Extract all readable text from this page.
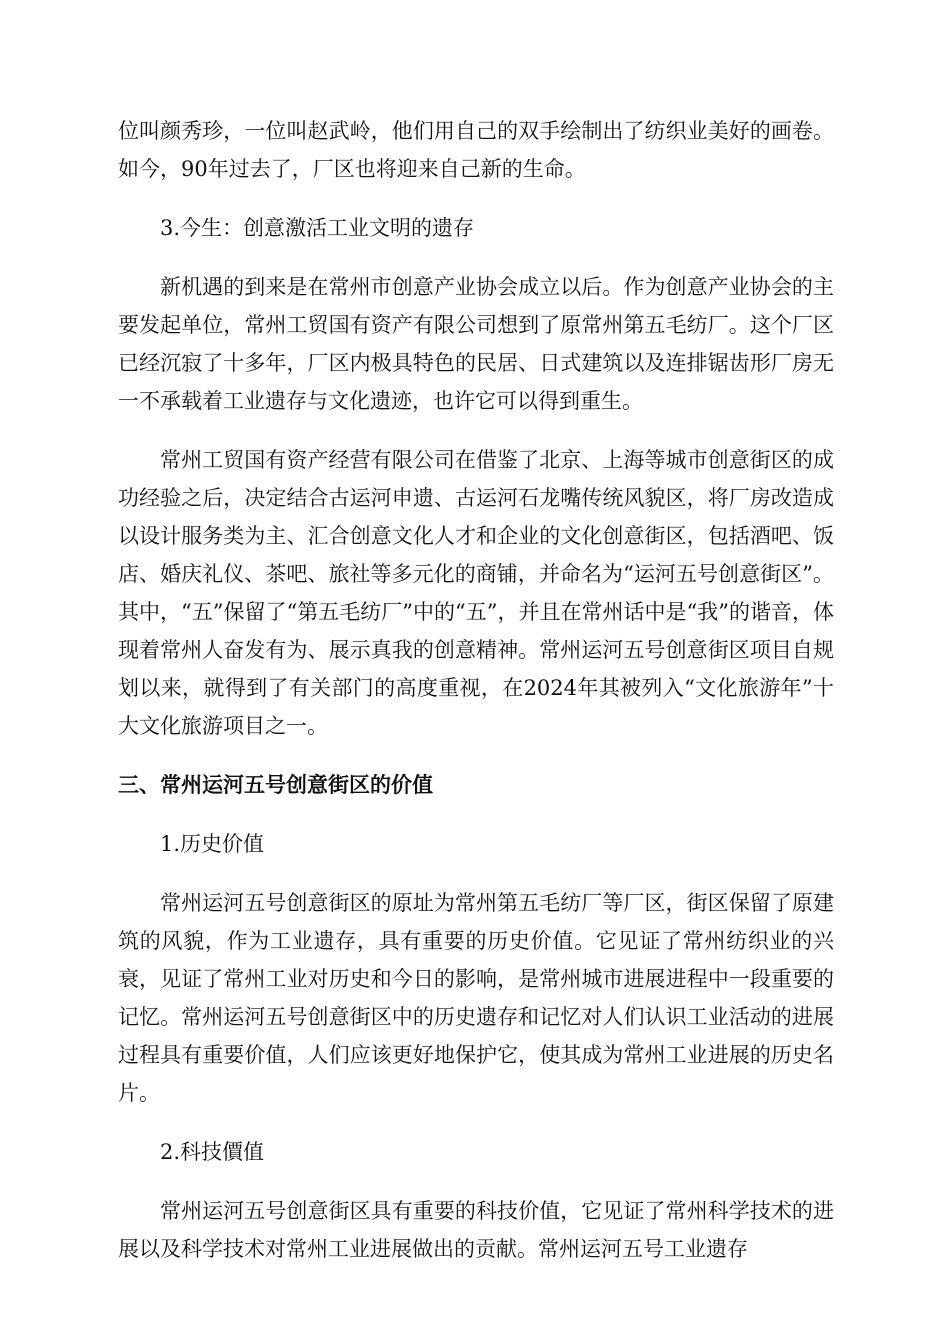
位叫颜秀珍，一位叫赵武岭，他们用自己的双手绘制出了纺织业美好的画卷。如今，90年过去了，厂区也将迎来自己新的生命。

3.今生：创意激活工业文明的遗存

新机遇的到来是在常州市创意产业协会成立以后。作为创意产业协会的主要发起单位，常州工贸国有资产有限公司想到了原常州第五毛纺厂。这个厂区已经沉寂了十多年，厂区内极具特色的民居、日式建筑以及连排锯齿形厂房无一不承载着工业遗存与文化遗迹，也许它可以得到重生。

常州工贸国有资产经营有限公司在借鉴了北京、上海等城市创意街区的成功经验之后，决定结合古运河申遗、古运河石龙嘴传统风貌区，将厂房改造成以设计服务类为主、汇合创意文化人才和企业的文化创意街区，包括酒吧、饭店、婚庆礼仪、茶吧、旅社等多元化的商铺，并命名为“运河五号创意街区”。其中，“五”保留了“第五毛纺厂”中的“五”，并且在常州话中是“我”的谐音，体现着常州人奋发有为、展示真我的创意精神。常州运河五号创意街区项目自规划以来，就得到了有关部门的高度重视，在2024年其被列入“文化旅游年”十大文化旅游项目之一。

三、常州运河五号创意街区的价值

1.历史价值

常州运河五号创意街区的原址为常州第五毛纺厂等厂区，街区保留了原建筑的风貌，作为工业遗存，具有重要的历史价值。它见证了常州纺织业的兴衰，见证了常州工业对历史和今日的影响，是常州城市进展进程中一段重要的记忆。常州运河五号创意街区中的历史遗存和记忆对人们认识工业活动的进展过程具有重要价值，人们应该更好地保护它，使其成为常州工业进展的历史名片。

2.科技價值

常州运河五号创意街区具有重要的科技价值，它见证了常州科学技术的进展以及科学技术对常州工业进展做出的贡献。常州运河五号工业遗存
